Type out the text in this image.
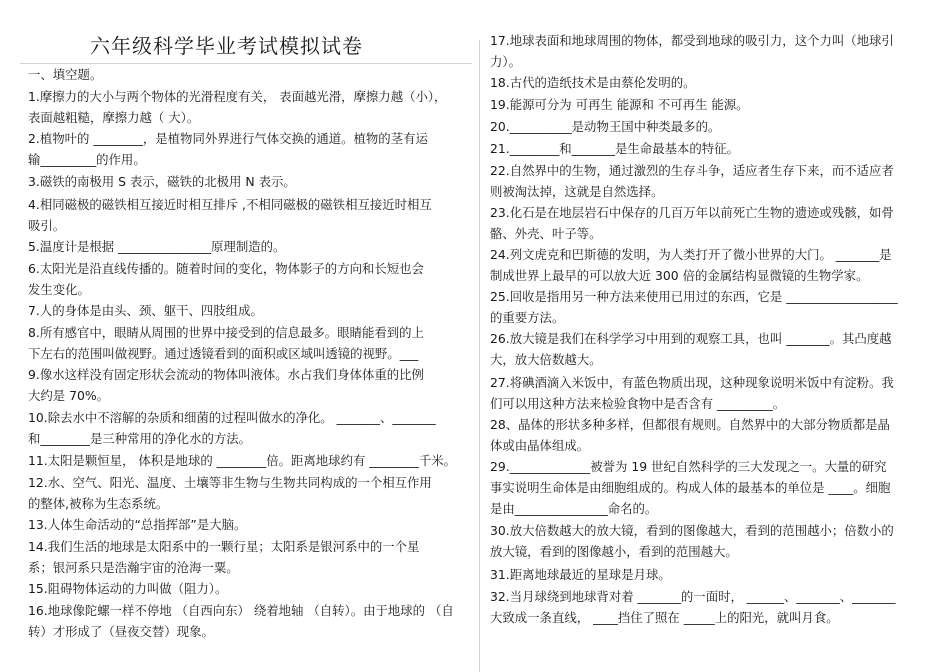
六年级科学毕业考试模拟试卷

一、填空题。

1.摩擦力的大小与两个物体的光滑程度有关， 表面越光滑，摩擦力越（小），
表面越粗糙，摩擦力越（ 大）。
2.植物叶的 ________，是植物同外界进行气体交换的通道。植物的茎有运
输_________的作用。
3.磁铁的南极用 S 表示，磁铁的北极用 N 表示。
4.相同磁极的磁铁相互接近时相互排斥 ,不相同磁极的磁铁相互接近时相互
吸引。
5.温度计是根据 _______________原理制造的。
6.太阳光是沿直线传播的。随着时间的变化，物体影子的方向和长短也会
发生变化。
7.人的身体是由头、颈、躯干、四肢组成。
8.所有感官中，眼睛从周围的世界中接受到的信息最多。眼睛能看到的上
下左右的范围叫做视野。通过透镜看到的面积或区域叫透镜的视野。___
9.像水这样没有固定形状会流动的物体叫液体。水占我们身体体重的比例
大约是 70%。
10.除去水中不溶解的杂质和细菌的过程叫做水的净化。 _______、_______
和________是三种常用的净化水的方法。
11.太阳是颗恒星， 体积是地球的 ________倍。距离地球约有 ________千米。
12.水、空气、阳光、温度、土壤等非生物与生物共同构成的一个相互作用
的整体,被称为生态系统。
13.人体生命活动的“总指挥部”是大脑。
14.我们生活的地球是太阳系中的一颗行星；太阳系是银河系中的一个星
系；银河系只是浩瀚宇宙的沧海一粟。
15.阻碍物体运动的力叫做（阻力）。
16.地球像陀螺一样不停地 （自西向东） 绕着地轴 （自转）。由于地球的 （自
转）才形成了（昼夜交替）现象。
17.地球表面和地球周围的物体，都受到地球的吸引力，这个力叫（地球引
力）。
18.古代的造纸技术是由蔡伦发明的。
19.能源可分为 可再生 能源和 不可再生 能源。
20.__________是动物王国中种类最多的。
21.________和_______是生命最基本的特征。
22.自然界中的生物，通过激烈的生存斗争，适应者生存下来，而不适应者
则被淘汰掉，这就是自然选择。
23.化石是在地层岩石中保存的几百万年以前死亡生物的遗迹或残骸，如骨
骼、外壳、叶子等。
24.列文虎克和巴斯德的发明，为人类打开了微小世界的大门。 _______是
制成世界上最早的可以放大近 300 倍的金属结构显微镜的生物学家。
25.回收是指用另一种方法来使用已用过的东西，它是 __________________
的重要方法。
26.放大镜是我们在科学学习中用到的观察工具，也叫 _______。其凸度越
大，放大倍数越大。
27.将碘酒滴入米饭中，有蓝色物质出现，这种现象说明米饭中有淀粉。我
们可以用这种方法来检验食物中是否含有 _________。
28、晶体的形状多种多样，但都很有规则。自然界中的大部分物质都是晶
体或由晶体组成。
29._____________被誉为 19 世纪自然科学的三大发现之一。大量的研究
事实说明生命体是由细胞组成的。构成人体的最基本的单位是 ____。细胞
是由_______________命名的。
30.放大倍数越大的放大镜，看到的图像越大，看到的范围越小；倍数小的
放大镜，看到的图像越小，看到的范围越大。
31.距离地球最近的星球是月球。
32.当月球绕到地球背对着 _______的一面时， ______、_______、_______
大致成一条直线， ____挡住了照在 _____上的阳光，就叫月食。
